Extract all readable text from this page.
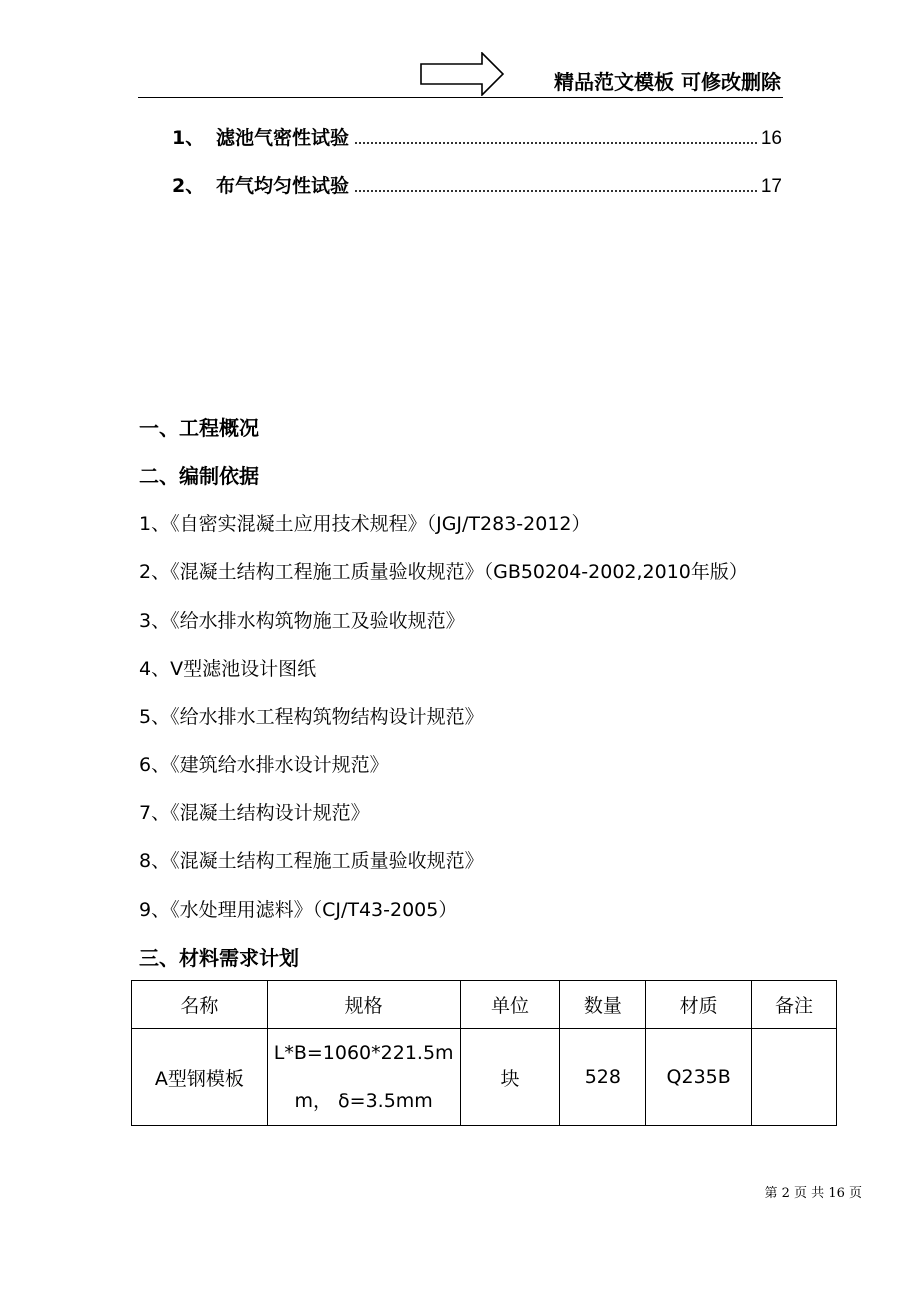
精品范文模板 可修改删除
1、 滤池气密性试验	16
2、 布气均匀性试验	17
一、工程概况
二、编制依据
1、《自密实混凝土应用技术规程》（JGJ/T283-2012）
2、《混凝土结构工程施工质量验收规范》（GB50204-2002,2010年版）
3、《给水排水构筑物施工及验收规范》
4、V型滤池设计图纸
5、《给水排水工程构筑物结构设计规范》
6、《建筑给水排水设计规范》
7、《混凝土结构设计规范》
8、《混凝土结构工程施工质量验收规范》
9、《水处理用滤料》（CJ/T43-2005）
三、材料需求计划
名称	规格	单位	数量	材质	备注
A型钢模板	L*B=1060*221.5m
m， δ=3.5mm	块	528	Q235B	
第 2 页 共 16 页
